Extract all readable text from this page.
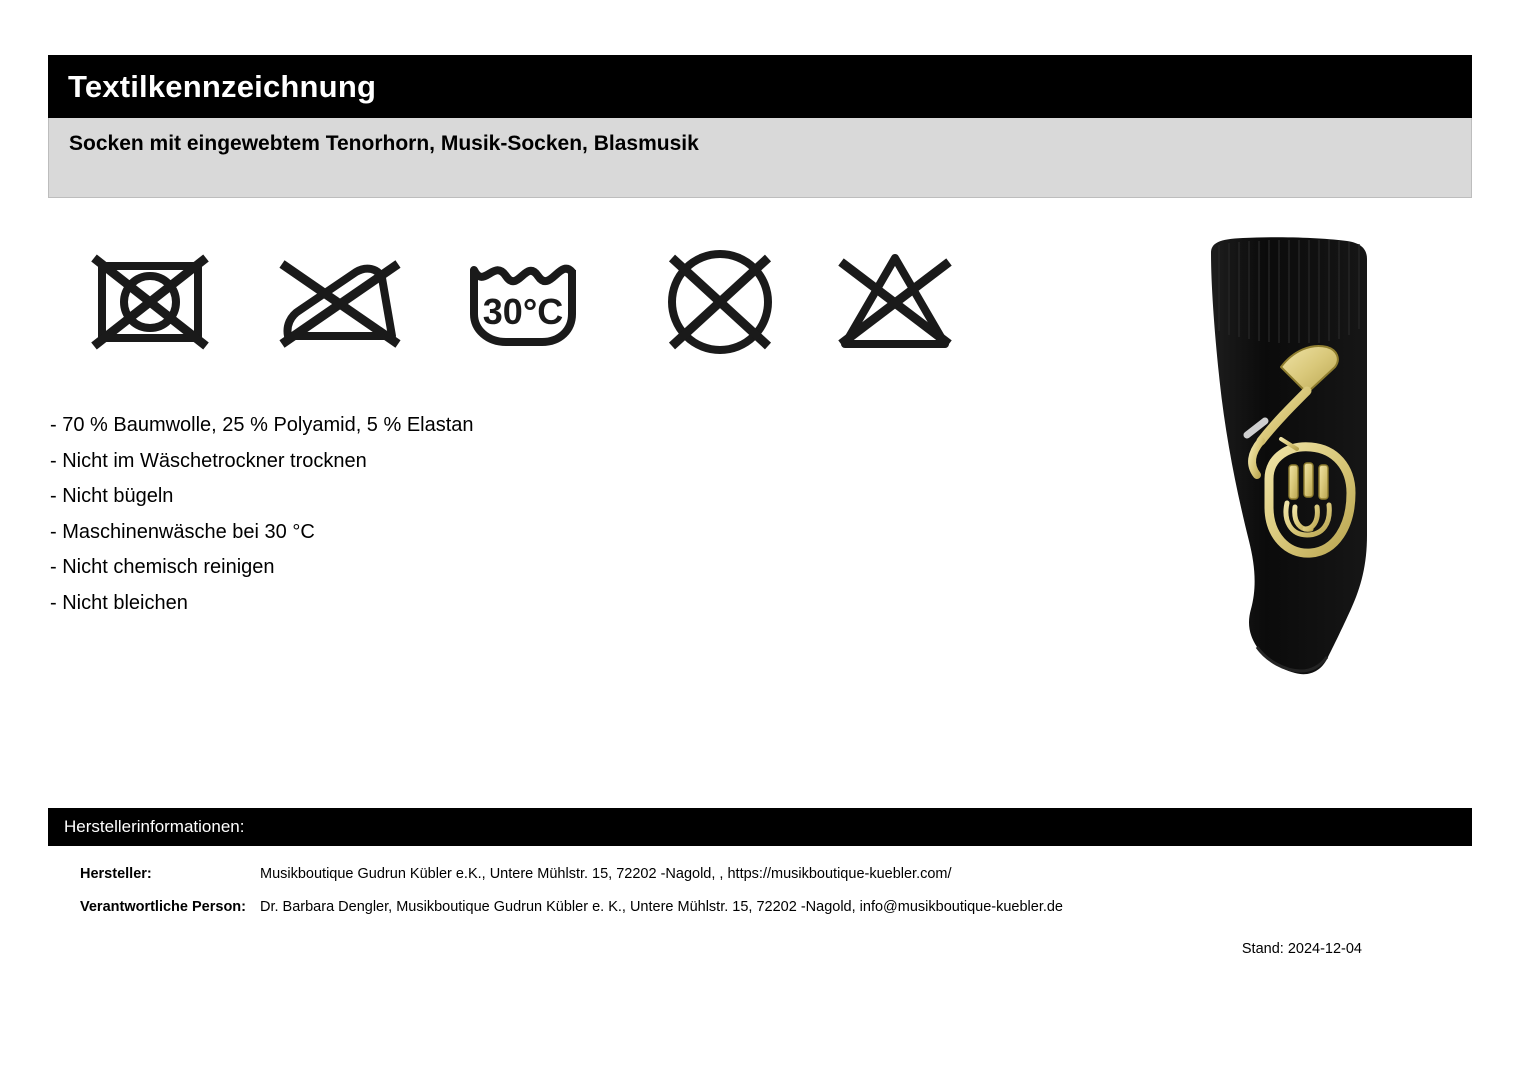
Textilkennzeichnung
Socken mit eingewebtem Tenorhorn, Musik-Socken, Blasmusik
30°C
- 70 % Baumwolle, 25 % Polyamid, 5 % Elastan
- Nicht im Wäschetrockner trocknen
- Nicht bügeln
- Maschinenwäsche bei 30 °C
- Nicht chemisch reinigen
- Nicht bleichen
Herstellerinformationen:
Hersteller:	Musikboutique Gudrun Kübler e.K., Untere Mühlstr. 15, 72202 -Nagold, , https://musikboutique-kuebler.com/
Verantwortliche Person: Dr. Barbara Dengler, Musikboutique Gudrun Kübler e. K., Untere Mühlstr. 15, 72202 -Nagold, info@musikboutique-kuebler.de
Stand: 2024-12-04
